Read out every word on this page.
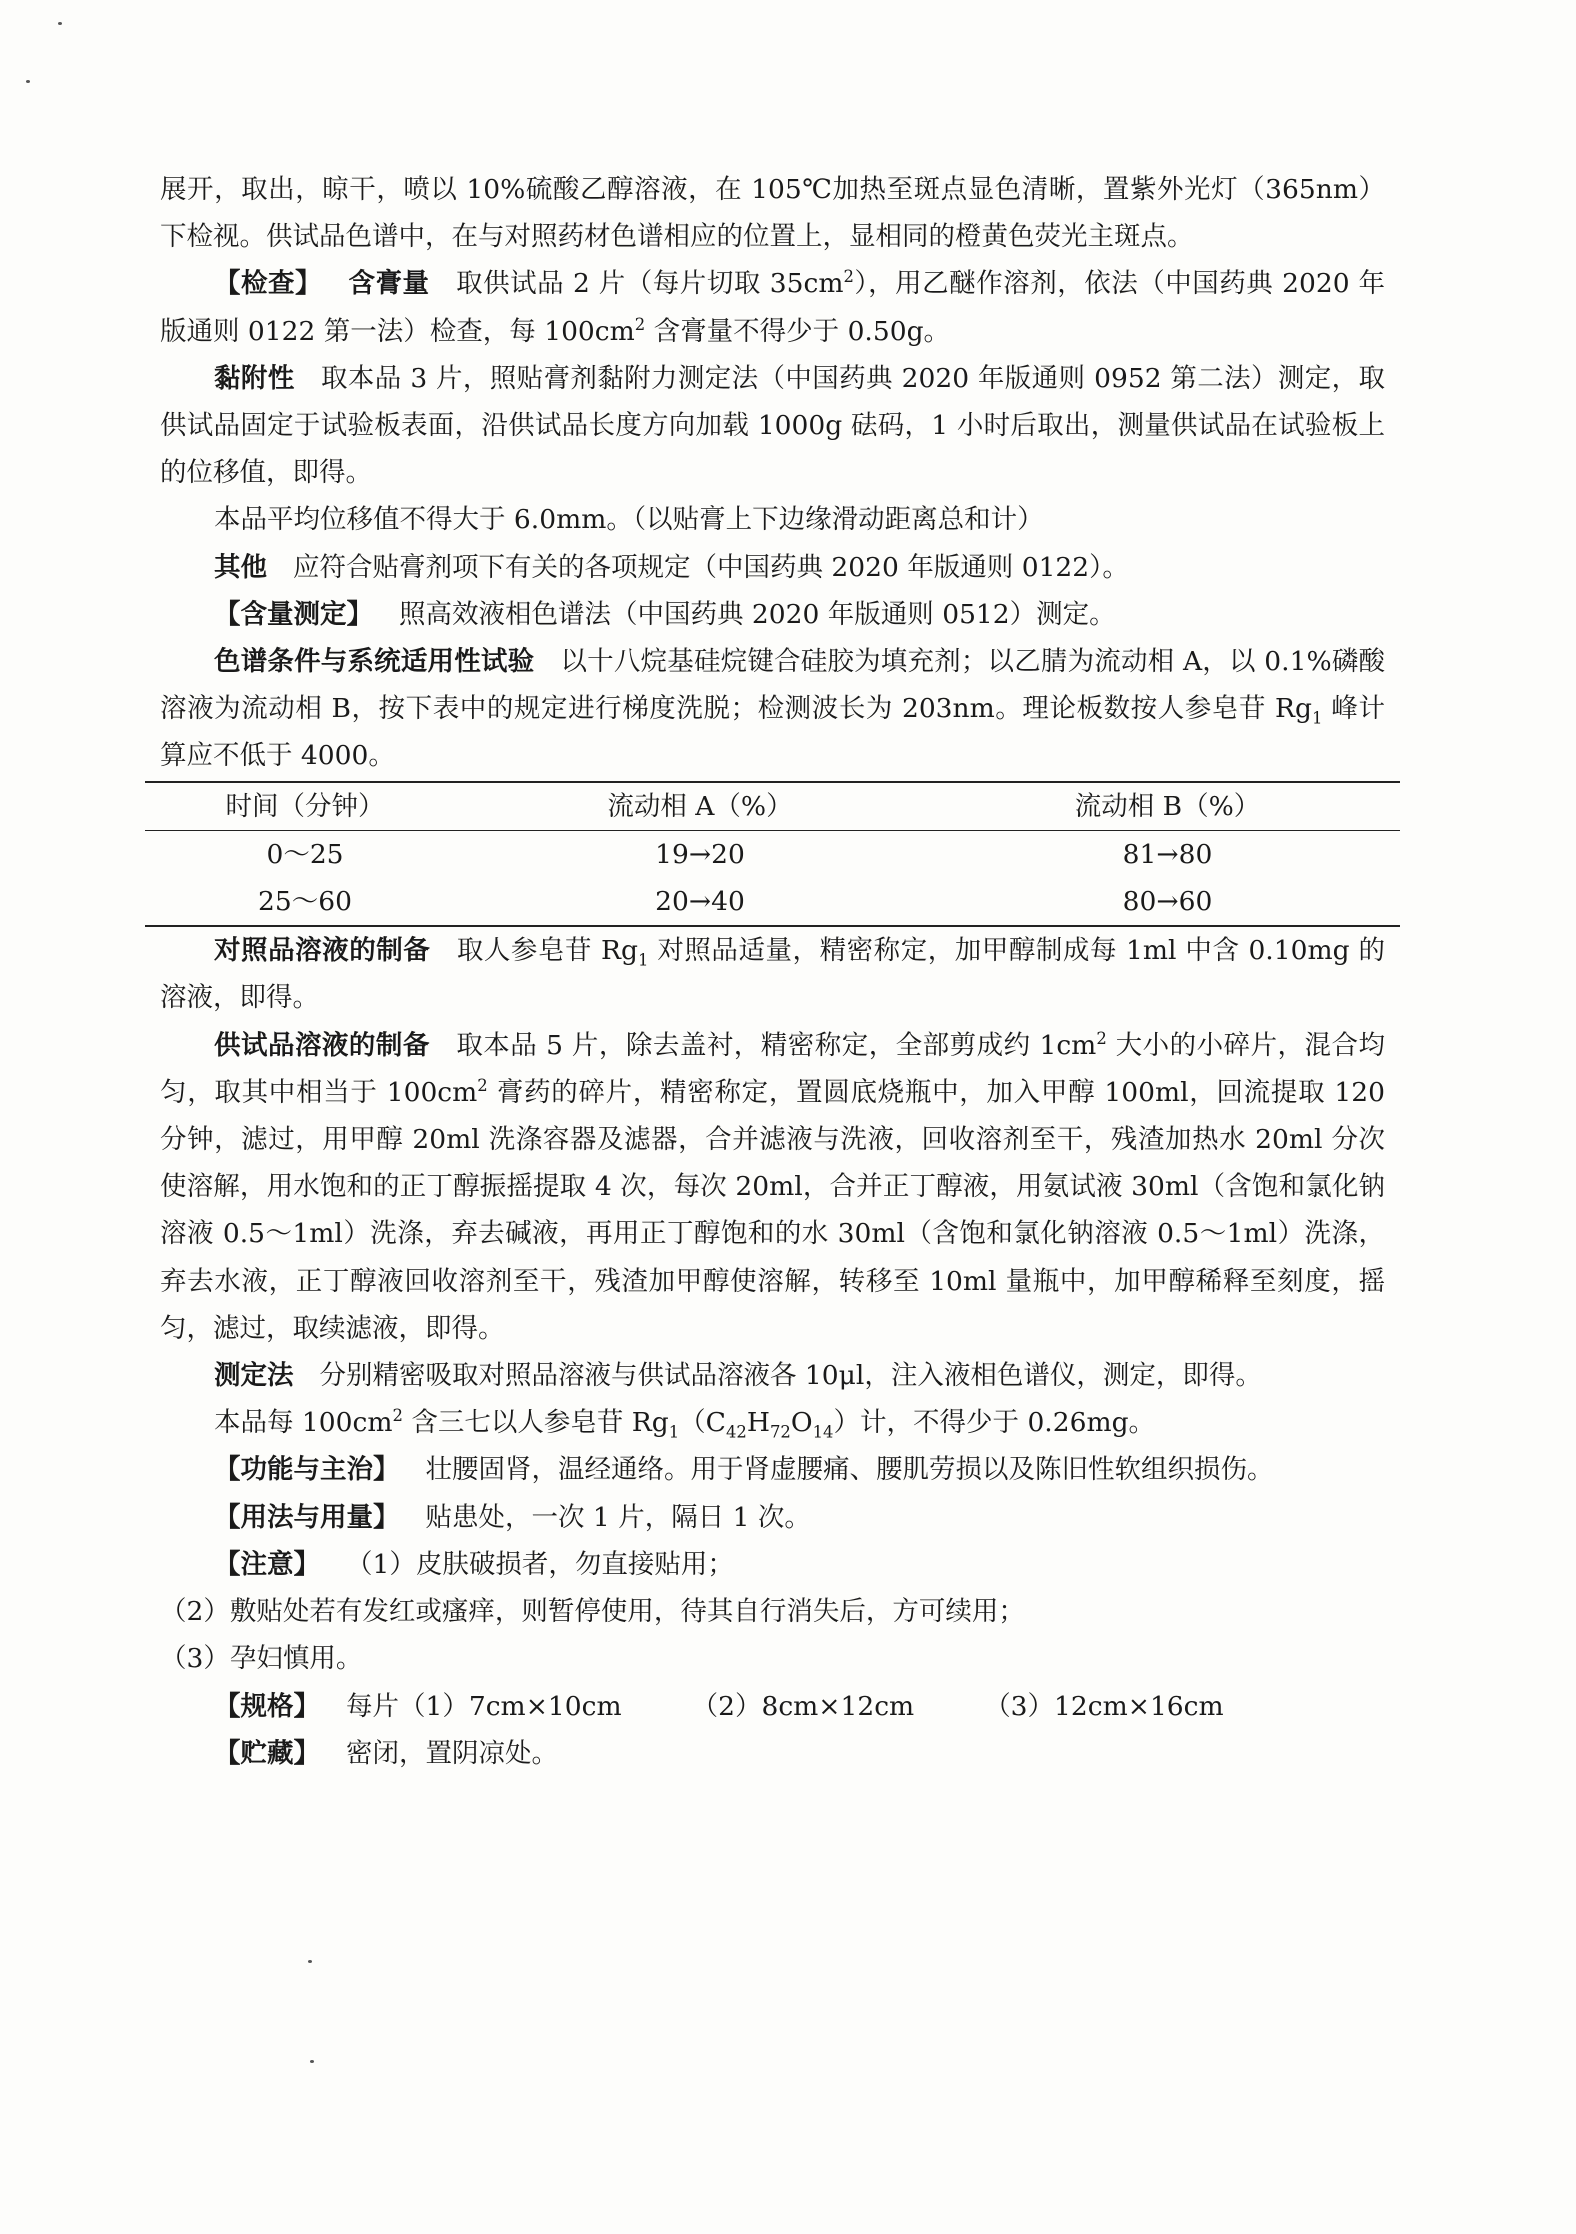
展开，取出，晾干，喷以 10%硫酸乙醇溶液，在 105℃加热至斑点显色清晰，置紫外光灯（365nm）下检视。供试品色谱中，在与对照药材色谱相应的位置上，显相同的橙黄色荧光主斑点。

【检查】 含膏量 取供试品 2 片（每片切取 $35cm^2$），用乙醚作溶剂，依法（中国药典 2020 年版通则 0122 第一法）检查，每 $100cm^2$ 含膏量不得少于 0.50g。

黏附性 取本品 3 片，照贴膏剂黏附力测定法（中国药典 2020 年版通则 0952 第二法）测定，取供试品固定于试验板表面，沿供试品长度方向加载 1000g 砝码，1 小时后取出，测量供试品在试验板上的位移值，即得。

本品平均位移值不得大于 6.0mm。（以贴膏上下边缘滑动距离总和计）

其他 应符合贴膏剂项下有关的各项规定（中国药典 2020 年版通则 0122）。

【含量测定】 照高效液相色谱法（中国药典 2020 年版通则 0512）测定。

色谱条件与系统适用性试验 以十八烷基硅烷键合硅胶为填充剂；以乙腈为流动相 A，以 0.1%磷酸溶液为流动相 B，按下表中的规定进行梯度洗脱；检测波长为 203nm。理论板数按人参皂苷 $Rg_1$ 峰计算应不低于 4000。

时间（分钟）	流动相 A（%）	流动相 B（%）
0～25	19→20	81→80
25～60	20→40	80→60

对照品溶液的制备 取人参皂苷 $Rg_1$ 对照品适量，精密称定，加甲醇制成每 1ml 中含 0.10mg 的溶液，即得。

供试品溶液的制备 取本品 5 片，除去盖衬，精密称定，全部剪成约 $1cm^2$ 大小的小碎片，混合均匀，取其中相当于 $100cm^2$ 膏药的碎片，精密称定，置圆底烧瓶中，加入甲醇 100ml，回流提取 120 分钟，滤过，用甲醇 20ml 洗涤容器及滤器，合并滤液与洗液，回收溶剂至干，残渣加热水 20ml 分次使溶解，用水饱和的正丁醇振摇提取 4 次，每次 20ml，合并正丁醇液，用氨试液 30ml（含饱和氯化钠溶液 0.5～1ml）洗涤，弃去碱液，再用正丁醇饱和的水 30ml（含饱和氯化钠溶液 0.5～1ml）洗涤，弃去水液，正丁醇液回收溶剂至干，残渣加甲醇使溶解，转移至 10ml 量瓶中，加甲醇稀释至刻度，摇匀，滤过，取续滤液，即得。

测定法 分别精密吸取对照品溶液与供试品溶液各 10μl，注入液相色谱仪，测定，即得。

本品每 $100cm^2$ 含三七以人参皂苷 $Rg_1(C_{42}H_{72}O_{14})$计，不得少于 0.26mg。

【功能与主治】 壮腰固肾，温经通络。用于肾虚腰痛、腰肌劳损以及陈旧性软组织损伤。

【用法与用量】 贴患处，一次 1 片，隔日 1 次。

【注意】 （1）皮肤破损者，勿直接贴用；

（2）敷贴处若有发红或瘙痒，则暂停使用，待其自行消失后，方可续用；

（3）孕妇慎用。

【规格】 每片（1）7cm×10cm	（2）8cm×12cm	（3）12cm×16cm

【贮藏】 密闭，置阴凉处。
